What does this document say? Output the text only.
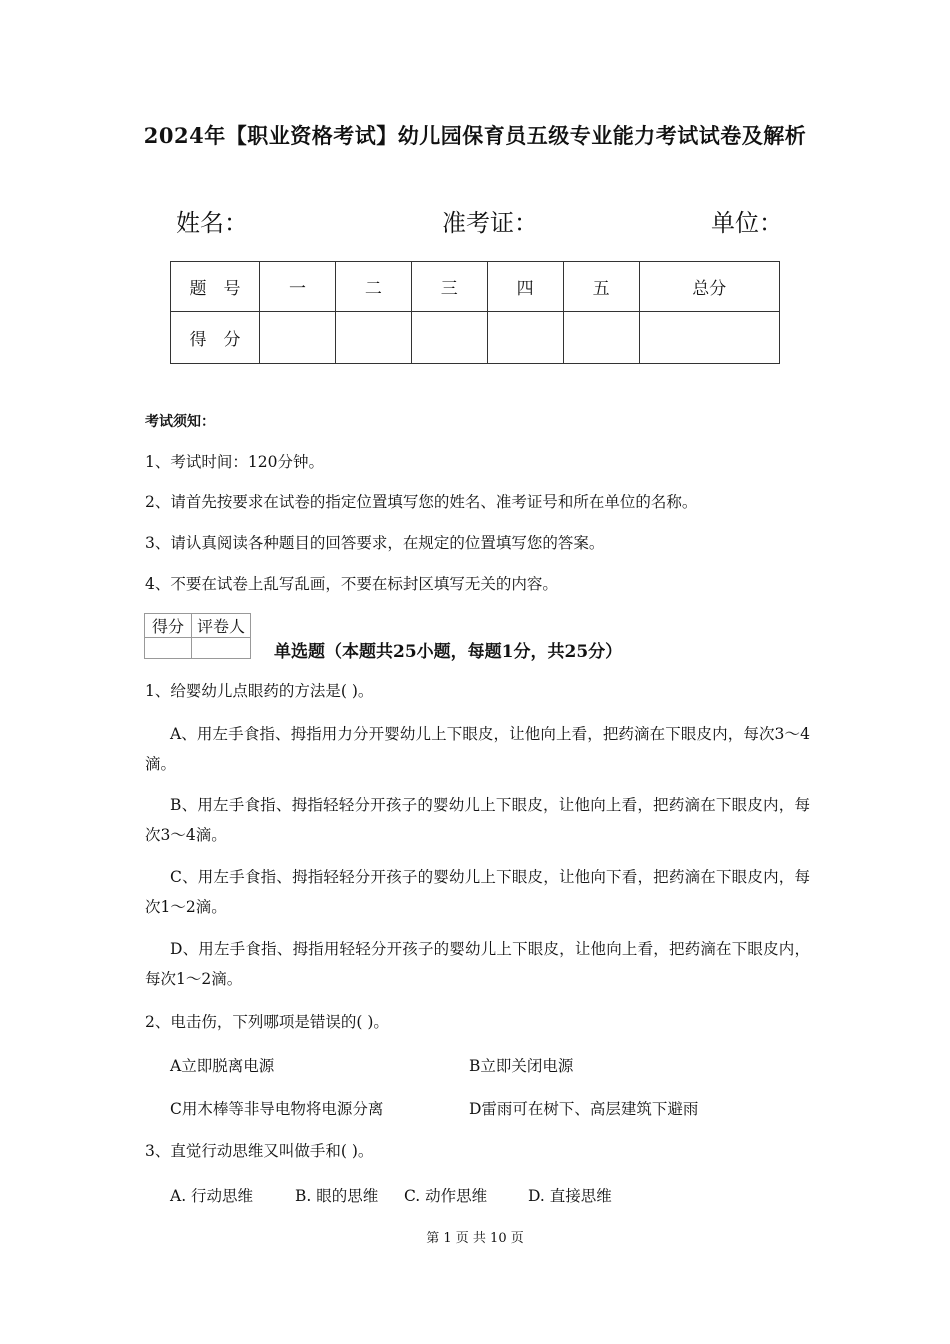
2024年【职业资格考试】幼儿园保育员五级专业能力考试试卷及解析
姓名：	准考证：	单位：
题　号	一	二	三	四	五	总分
得　分						
考试须知：
1、考试时间：120分钟。
2、请首先按要求在试卷的指定位置填写您的姓名、准考证号和所在单位的名称。
3、请认真阅读各种题目的回答要求，在规定的位置填写您的答案。
4、不要在试卷上乱写乱画，不要在标封区填写无关的内容。
得分	评卷人

单选题（本题共25小题，每题1分，共25分）
1、给婴幼儿点眼药的方法是( )。
A、用左手食指、拇指用力分开婴幼儿上下眼皮，让他向上看，把药滴在下眼皮内，每次3～4滴。
B、用左手食指、拇指轻轻分开孩子的婴幼儿上下眼皮，让他向上看，把药滴在下眼皮内，每次3～4滴。
C、用左手食指、拇指轻轻分开孩子的婴幼儿上下眼皮，让他向下看，把药滴在下眼皮内，每次1～2滴。
D、用左手食指、拇指用轻轻分开孩子的婴幼儿上下眼皮，让他向上看，把药滴在下眼皮内，每次1～2滴。
2、电击伤，下列哪项是错误的( )。
A立即脱离电源	B立即关闭电源
C用木棒等非导电物将电源分离	D雷雨可在树下、高层建筑下避雨
3、直觉行动思维又叫做手和( )。
A. 行动思维	B. 眼的思维 C. 动作思维	D. 直接思维
第 1 页 共 10 页
